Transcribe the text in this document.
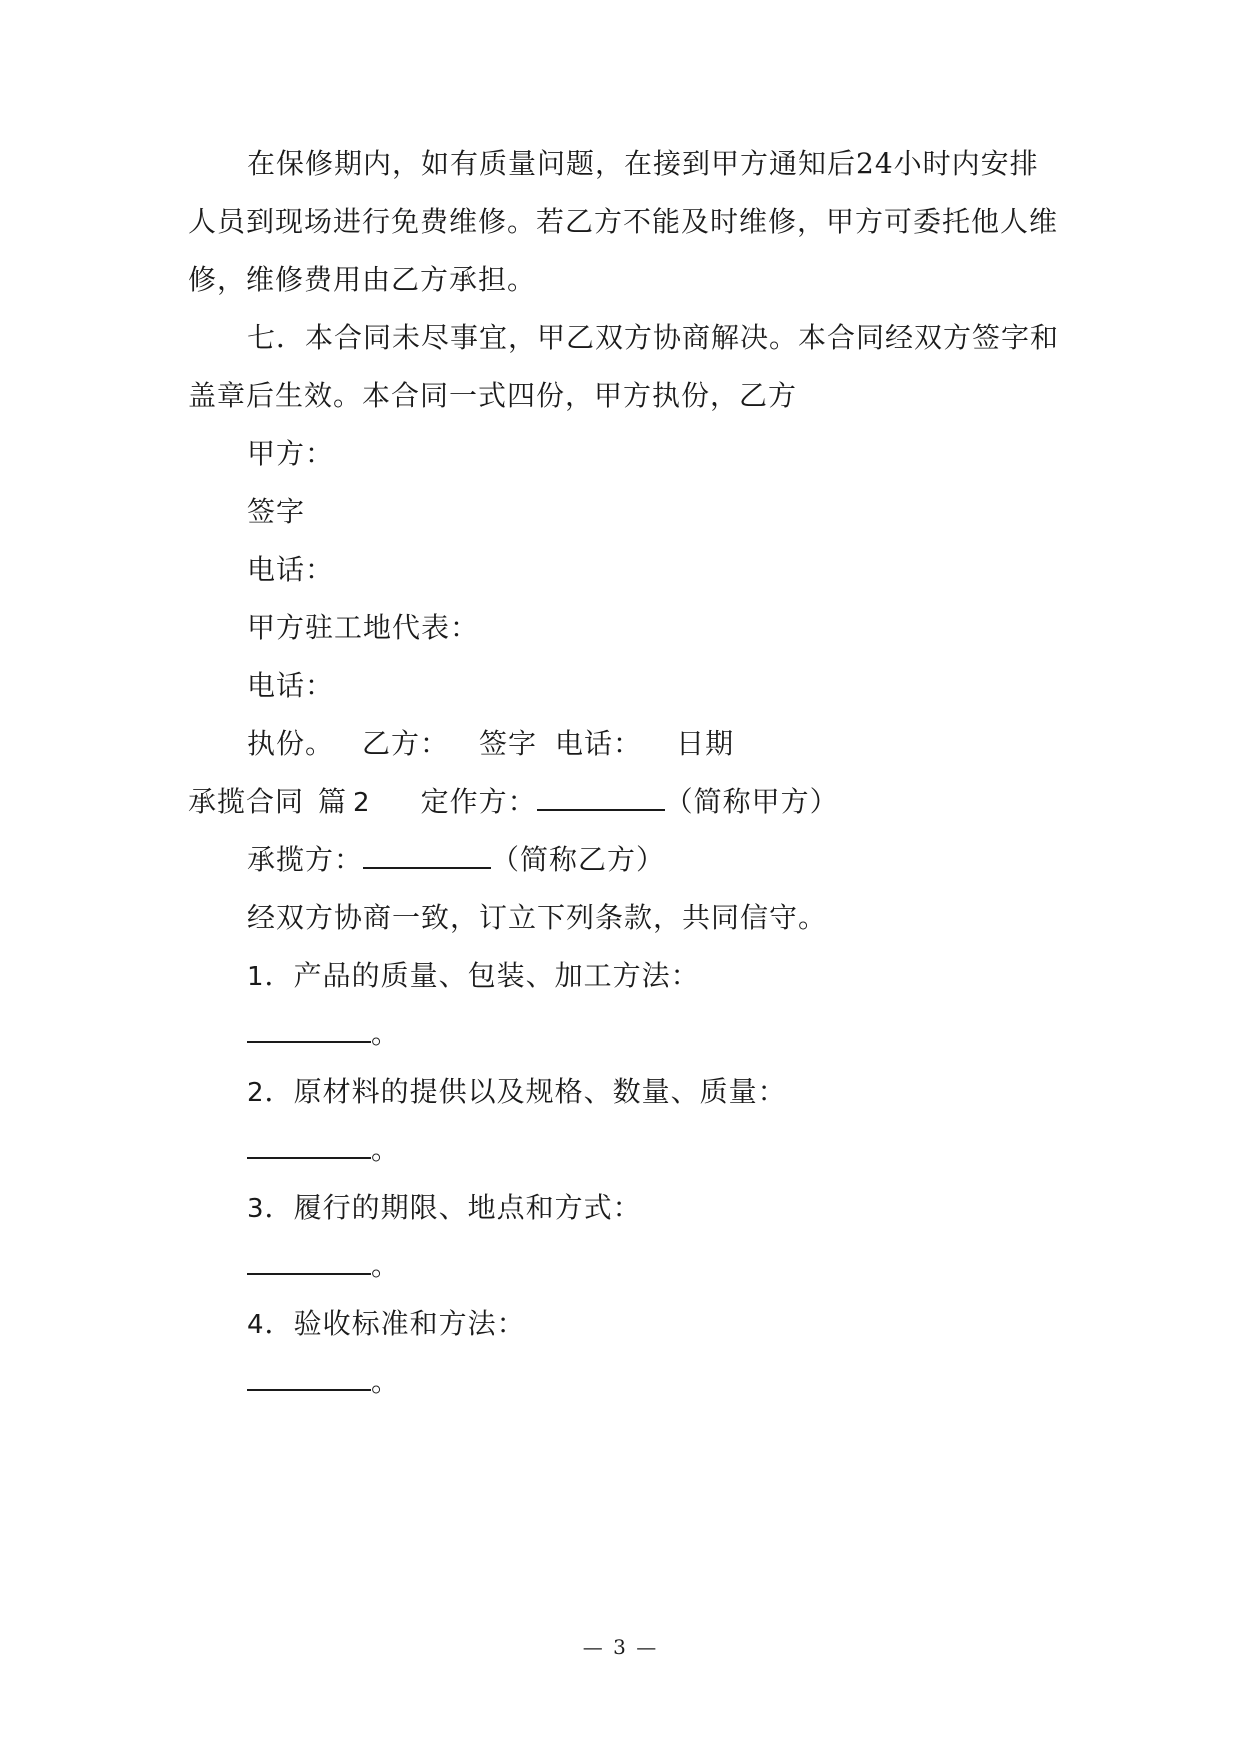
在保修期内，如有质量问题，在接到甲方通知后24小时内安排
人员到现场进行免费维修。若乙方不能及时维修，甲方可委托他人维
修，维修费用由乙方承担。
七．本合同未尽事宜，甲乙双方协商解决。本合同经双方签字和
盖章后生效。本合同一式四份，甲方执份，乙方
甲方：
签字
电话：
甲方驻工地代表：
电话：
执份。 乙方： 签字 电话： 日期
承揽合同 篇 2 定作方：	（简称甲方）
承揽方：	（简称乙方）
经双方协商一致，订立下列条款，共同信守。
1．产品的质量、包装、加工方法：
。
2．原材料的提供以及规格、数量、质量：
。
3．履行的期限、地点和方式：
。
4．验收标准和方法：
。
— 3 —
